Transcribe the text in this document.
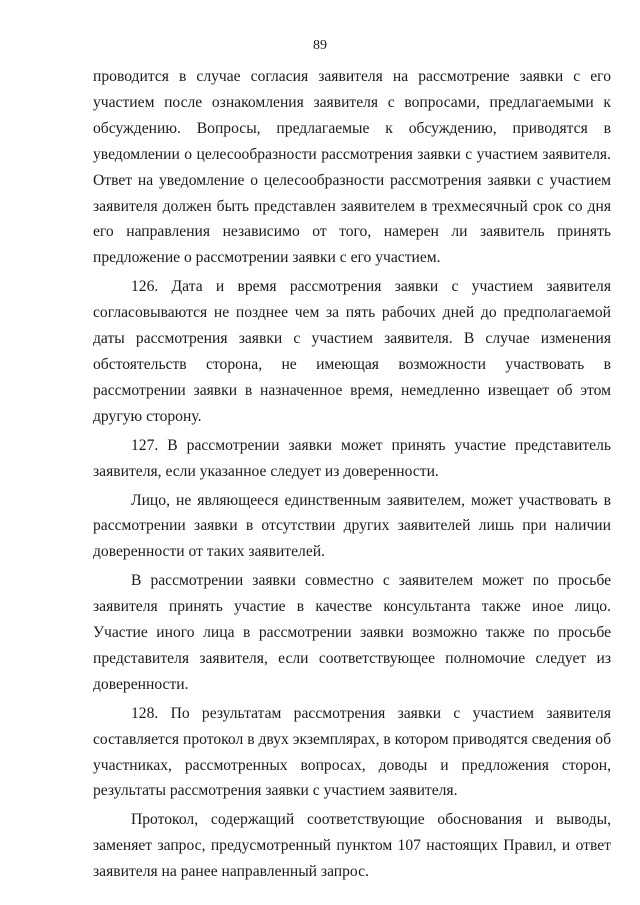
89

проводится в случае согласия заявителя на рассмотрение заявки с его участием после ознакомления заявителя с вопросами, предлагаемыми к обсуждению. Вопросы, предлагаемые к обсуждению, приводятся в уведомлении о целесообразности рассмотрения заявки с участием заявителя. Ответ на уведомление о целесообразности рассмотрения заявки с участием заявителя должен быть представлен заявителем в трехмесячный срок со дня его направления независимо от того, намерен ли заявитель принять предложение о рассмотрении заявки с его участием.

126. Дата и время рассмотрения заявки с участием заявителя согласовываются не позднее чем за пять рабочих дней до предполагаемой даты рассмотрения заявки с участием заявителя. В случае изменения обстоятельств сторона, не имеющая возможности участвовать в рассмотрении заявки в назначенное время, немедленно извещает об этом другую сторону.

127. В рассмотрении заявки может принять участие представитель заявителя, если указанное следует из доверенности.

Лицо, не являющееся единственным заявителем, может участвовать в рассмотрении заявки в отсутствии других заявителей лишь при наличии доверенности от таких заявителей.

В рассмотрении заявки совместно с заявителем может по просьбе заявителя принять участие в качестве консультанта также иное лицо. Участие иного лица в рассмотрении заявки возможно также по просьбе представителя заявителя, если соответствующее полномочие следует из доверенности.

128. По результатам рассмотрения заявки с участием заявителя составляется протокол в двух экземплярах, в котором приводятся сведения об участниках, рассмотренных вопросах, доводы и предложения сторон, результаты рассмотрения заявки с участием заявителя.

Протокол, содержащий соответствующие обоснования и выводы, заменяет запрос, предусмотренный пунктом 107 настоящих Правил, и ответ заявителя на ранее направленный запрос.
